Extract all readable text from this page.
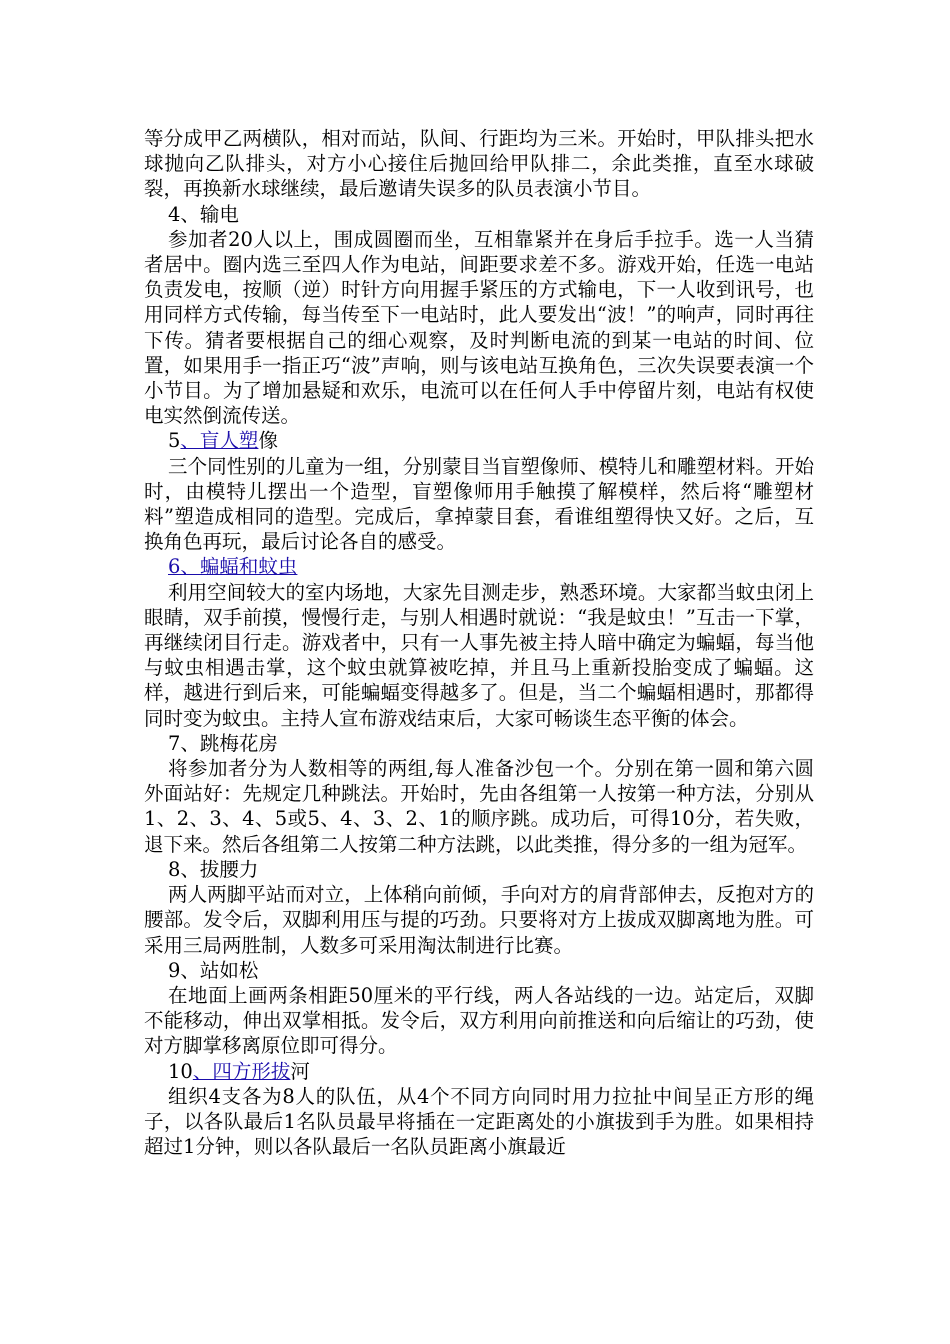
等分成甲乙两横队，相对而站，队间、行距均为三米。开始时，甲队排头把水球抛向乙队排头，对方小心接住后抛回给甲队排二，余此类推，直至水球破裂，再换新水球继续，最后邀请失误多的队员表演小节目。

4、输电

参加者20人以上，围成圆圈而坐，互相靠紧并在身后手拉手。选一人当猜者居中。圈内选三至四人作为电站，间距要求差不多。游戏开始，任选一电站负责发电，按顺（逆）时针方向用握手紧压的方式输电，下一人收到讯号，也用同样方式传输，每当传至下一电站时，此人要发出“波！”的响声，同时再往下传。猜者要根据自己的细心观察，及时判断电流的到某一电站的时间、位置，如果用手一指正巧“波”声响，则与该电站互换角色，三次失误要表演一个小节目。为了增加悬疑和欢乐，电流可以在任何人手中停留片刻，电站有权使电实然倒流传送。

5、盲人塑像

三个同性别的儿童为一组，分别蒙目当盲塑像师、模特儿和雕塑材料。开始时，由模特儿摆出一个造型，盲塑像师用手触摸了解模样，然后将“雕塑材料”塑造成相同的造型。完成后，拿掉蒙目套，看谁组塑得快又好。之后，互换角色再玩，最后讨论各自的感受。

6、蝙蝠和蚊虫

利用空间较大的室内场地，大家先目测走步，熟悉环境。大家都当蚊虫闭上眼睛，双手前摸，慢慢行走，与别人相遇时就说：“我是蚊虫！”互击一下掌，再继续闭目行走。游戏者中，只有一人事先被主持人暗中确定为蝙蝠，每当他与蚊虫相遇击掌，这个蚊虫就算被吃掉，并且马上重新投胎变成了蝙蝠。这样，越进行到后来，可能蝙蝠变得越多了。但是，当二个蝙蝠相遇时，那都得同时变为蚊虫。主持人宣布游戏结束后，大家可畅谈生态平衡的体会。

7、跳梅花房

将参加者分为人数相等的两组,每人准备沙包一个。分别在第一圆和第六圆外面站好：先规定几种跳法。开始时，先由各组第一人按第一种方法，分别从1、2、3、4、5或5、4、3、2、1的顺序跳。成功后，可得10分，若失败，退下来。然后各组第二人按第二种方法跳，以此类推，得分多的一组为冠军。

8、拔腰力

两人两脚平站而对立，上体稍向前倾，手向对方的肩背部伸去，反抱对方的腰部。发令后，双脚利用压与提的巧劲。只要将对方上拔成双脚离地为胜。可采用三局两胜制，人数多可采用淘汰制进行比赛。

9、站如松

在地面上画两条相距50厘米的平行线，两人各站线的一边。站定后，双脚不能移动，伸出双掌相抵。发令后，双方利用向前推送和向后缩让的巧劲，使对方脚掌移离原位即可得分。

10、四方形拔河

组织4支各为8人的队伍，从4个不同方向同时用力拉扯中间呈正方形的绳子，以各队最后1名队员最早将插在一定距离处的小旗拔到手为胜。如果相持超过1分钟，则以各队最后一名队员距离小旗最近
